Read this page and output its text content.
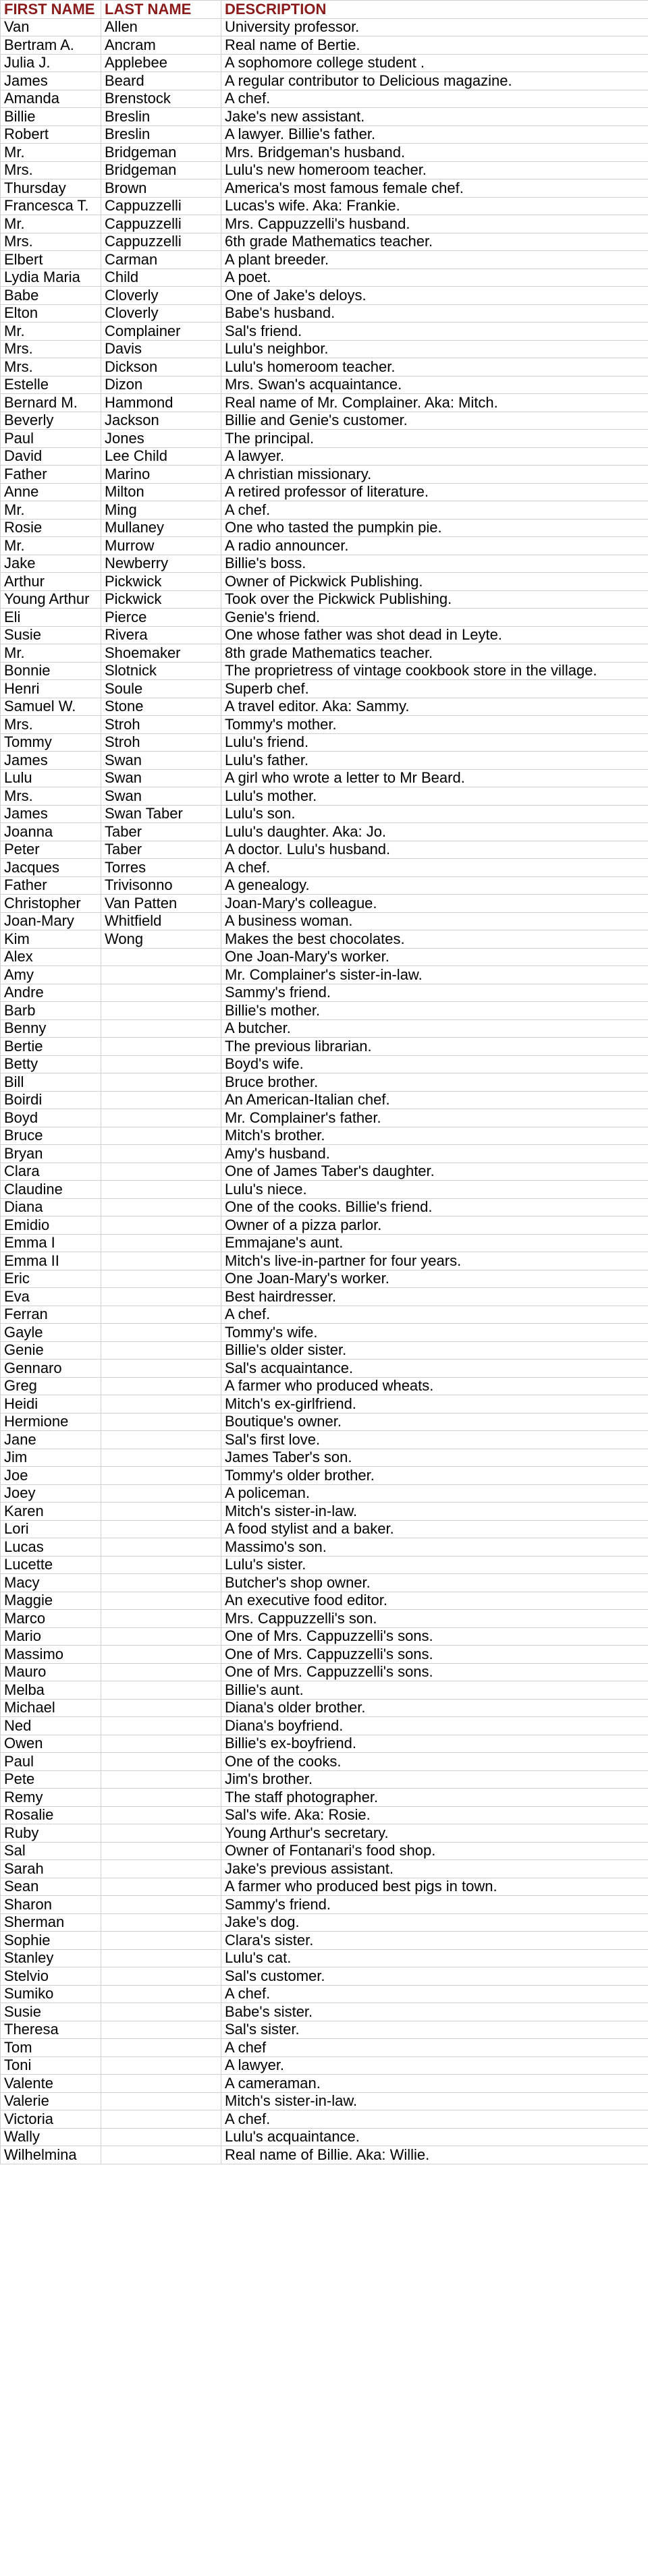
FIRST NAME	LAST NAME	DESCRIPTION
Van	Allen	University professor.
Bertram A.	Ancram	Real name of Bertie.
Julia J.	Applebee	A sophomore college student .
James	Beard	A regular contributor to Delicious magazine.
Amanda	Brenstock	A chef.
Billie	Breslin	Jake's new assistant.
Robert	Breslin	A lawyer. Billie's father.
Mr.	Bridgeman	Mrs. Bridgeman's husband.
Mrs.	Bridgeman	Lulu's new homeroom teacher.
Thursday	Brown	America's most famous female chef.
Francesca T.	Cappuzzelli	Lucas's wife. Aka: Frankie.
Mr.	Cappuzzelli	Mrs. Cappuzzelli's husband.
Mrs.	Cappuzzelli	6th grade Mathematics teacher.
Elbert	Carman	A plant breeder.
Lydia Maria	Child	A poet.
Babe	Cloverly	One of Jake's deloys.
Elton	Cloverly	Babe's husband.
Mr.	Complainer	Sal's friend.
Mrs.	Davis	Lulu's neighbor.
Mrs.	Dickson	Lulu's homeroom teacher.
Estelle	Dizon	Mrs. Swan's acquaintance.
Bernard M.	Hammond	Real name of Mr. Complainer. Aka: Mitch.
Beverly	Jackson	Billie and Genie's customer.
Paul	Jones	The principal.
David	Lee Child	A lawyer.
Father	Marino	A christian missionary.
Anne	Milton	A retired professor of literature.
Mr.	Ming	A chef.
Rosie	Mullaney	One who tasted the pumpkin pie.
Mr.	Murrow	A radio announcer.
Jake	Newberry	Billie's boss.
Arthur	Pickwick	Owner of Pickwick Publishing.
Young Arthur	Pickwick	Took over the Pickwick Publishing.
Eli	Pierce	Genie's friend.
Susie	Rivera	One whose father was shot dead in Leyte.
Mr.	Shoemaker	8th grade Mathematics teacher.
Bonnie	Slotnick	The proprietress of vintage cookbook store in the village.
Henri	Soule	Superb chef.
Samuel W.	Stone	A travel editor. Aka: Sammy.
Mrs.	Stroh	Tommy's mother.
Tommy	Stroh	Lulu's friend.
James	Swan	Lulu's father.
Lulu	Swan	A girl who wrote a letter to Mr Beard.
Mrs.	Swan	Lulu's mother.
James	Swan Taber	Lulu's son.
Joanna	Taber	Lulu's daughter. Aka: Jo.
Peter	Taber	A doctor. Lulu's husband.
Jacques	Torres	A chef.
Father	Trivisonno	A genealogy.
Christopher	Van Patten	Joan-Mary's colleague.
Joan-Mary	Whitfield	A business woman.
Kim	Wong	Makes the best chocolates.
Alex		One Joan-Mary's worker.
Amy		Mr. Complainer's sister-in-law.
Andre		Sammy's friend.
Barb		Billie's mother.
Benny		A butcher.
Bertie		The previous librarian.
Betty		Boyd's wife.
Bill		Bruce brother.
Boirdi		An American-Italian chef.
Boyd		Mr. Complainer's father.
Bruce		Mitch's brother.
Bryan		Amy's husband.
Clara		One of James Taber's daughter.
Claudine		Lulu's niece.
Diana		One of the cooks. Billie's friend.
Emidio		Owner of a pizza parlor.
Emma I		Emmajane's aunt.
Emma II		Mitch's live-in-partner for four years.
Eric		One Joan-Mary's worker.
Eva		Best hairdresser.
Ferran		A chef.
Gayle		Tommy's wife.
Genie		Billie's older sister.
Gennaro		Sal's acquaintance.
Greg		A farmer who produced wheats.
Heidi		Mitch's ex-girlfriend.
Hermione		Boutique's owner.
Jane		Sal's first love.
Jim		James Taber's son.
Joe		Tommy's older brother.
Joey		A policeman.
Karen		Mitch's sister-in-law.
Lori		A food stylist and a baker.
Lucas		Massimo's son.
Lucette		Lulu's sister.
Macy		Butcher's shop owner.
Maggie		An executive food editor.
Marco		Mrs. Cappuzzelli's son.
Mario		One of Mrs. Cappuzzelli's sons.
Massimo		One of Mrs. Cappuzzelli's sons.
Mauro		One of Mrs. Cappuzzelli's sons.
Melba		Billie's aunt.
Michael		Diana's older brother.
Ned		Diana's boyfriend.
Owen		Billie's ex-boyfriend.
Paul		One of the cooks.
Pete		Jim's brother.
Remy		The staff photographer.
Rosalie		Sal's wife. Aka: Rosie.
Ruby		Young Arthur's secretary.
Sal		Owner of Fontanari's food shop.
Sarah		Jake's previous assistant.
Sean		A farmer who produced best pigs in town.
Sharon		Sammy's friend.
Sherman		Jake's dog.
Sophie		Clara's sister.
Stanley		Lulu's cat.
Stelvio		Sal's customer.
Sumiko		A chef.
Susie		Babe's sister.
Theresa		Sal's sister.
Tom		A chef
Toni		A lawyer.
Valente		A cameraman.
Valerie		Mitch's sister-in-law.
Victoria		A chef.
Wally		Lulu's acquaintance.
Wilhelmina		Real name of Billie. Aka: Willie.
